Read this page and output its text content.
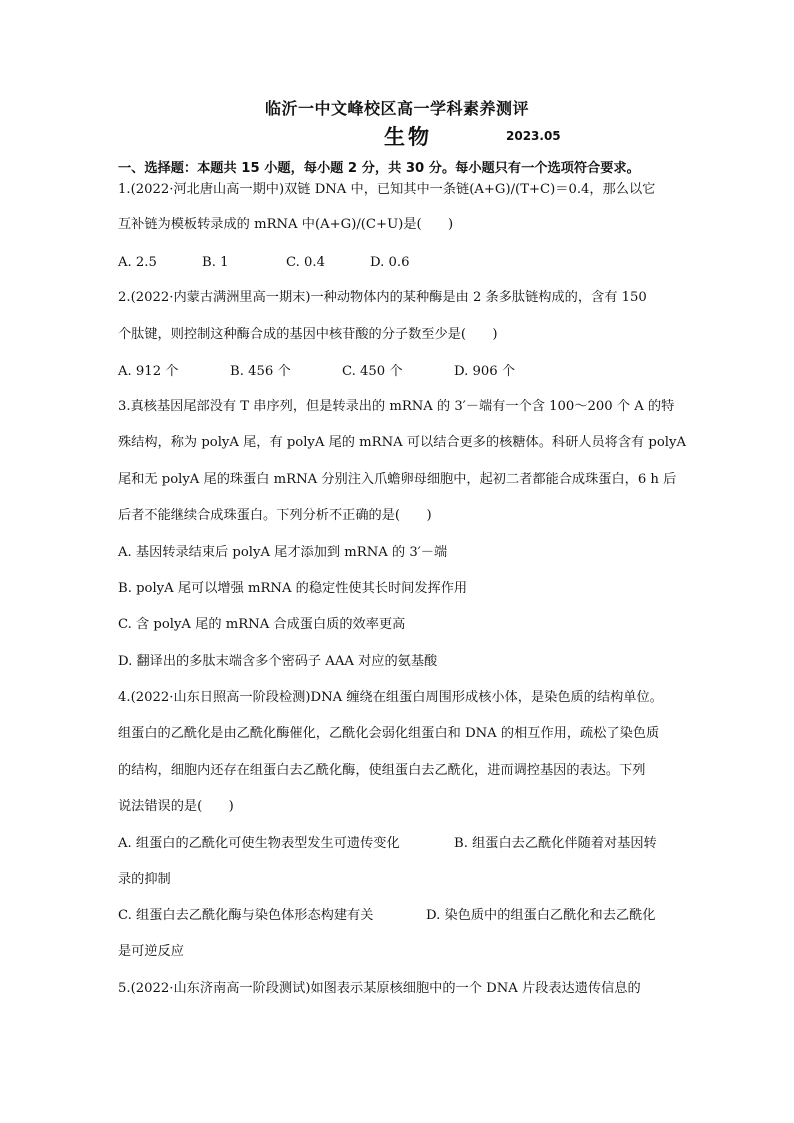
临沂一中文峰校区高一学科素养测评
生物	2023.05
一、选择题：本题共 15 小题，每小题 2 分，共 30 分。每小题只有一个选项符合要求。
1.(2022·河北唐山高一期中)双链 DNA 中，已知其中一条链(A+G)/(T+C)＝0.4，那么以它
互补链为模板转录成的 mRNA 中(A+G)/(C+U)是(　　)
A. 2.5	B. 1	C. 0.4	D. 0.6
2.(2022·内蒙古满洲里高一期末)一种动物体内的某种酶是由 2 条多肽链构成的，含有 150
个肽键，则控制这种酶合成的基因中核苷酸的分子数至少是(　　)
A. 912 个	B. 456 个	C. 450 个	D. 906 个
3.真核基因尾部没有 T 串序列，但是转录出的 mRNA 的 3′－端有一个含 100～200 个 A 的特
殊结构，称为 polyA 尾，有 polyA 尾的 mRNA 可以结合更多的核糖体。科研人员将含有 polyA
尾和无 polyA 尾的珠蛋白 mRNA 分别注入爪蟾卵母细胞中，起初二者都能合成珠蛋白，6 h 后
后者不能继续合成珠蛋白。下列分析不正确的是(　　)
A. 基因转录结束后 polyA 尾才添加到 mRNA 的 3′－端
B. polyA 尾可以增强 mRNA 的稳定性使其长时间发挥作用
C. 含 polyA 尾的 mRNA 合成蛋白质的效率更高
D. 翻译出的多肽末端含多个密码子 AAA 对应的氨基酸
4.(2022·山东日照高一阶段检测)DNA 缠绕在组蛋白周围形成核小体，是染色质的结构单位。
组蛋白的乙酰化是由乙酰化酶催化，乙酰化会弱化组蛋白和 DNA 的相互作用，疏松了染色质
的结构，细胞内还存在组蛋白去乙酰化酶，使组蛋白去乙酰化，进而调控基因的表达。下列
说法错误的是(　　)
A. 组蛋白的乙酰化可使生物表型发生可遗传变化	B. 组蛋白去乙酰化伴随着对基因转
录的抑制
C. 组蛋白去乙酰化酶与染色体形态构建有关	D. 染色质中的组蛋白乙酰化和去乙酰化
是可逆反应
5.(2022·山东济南高一阶段测试)如图表示某原核细胞中的一个 DNA 片段表达遗传信息的
